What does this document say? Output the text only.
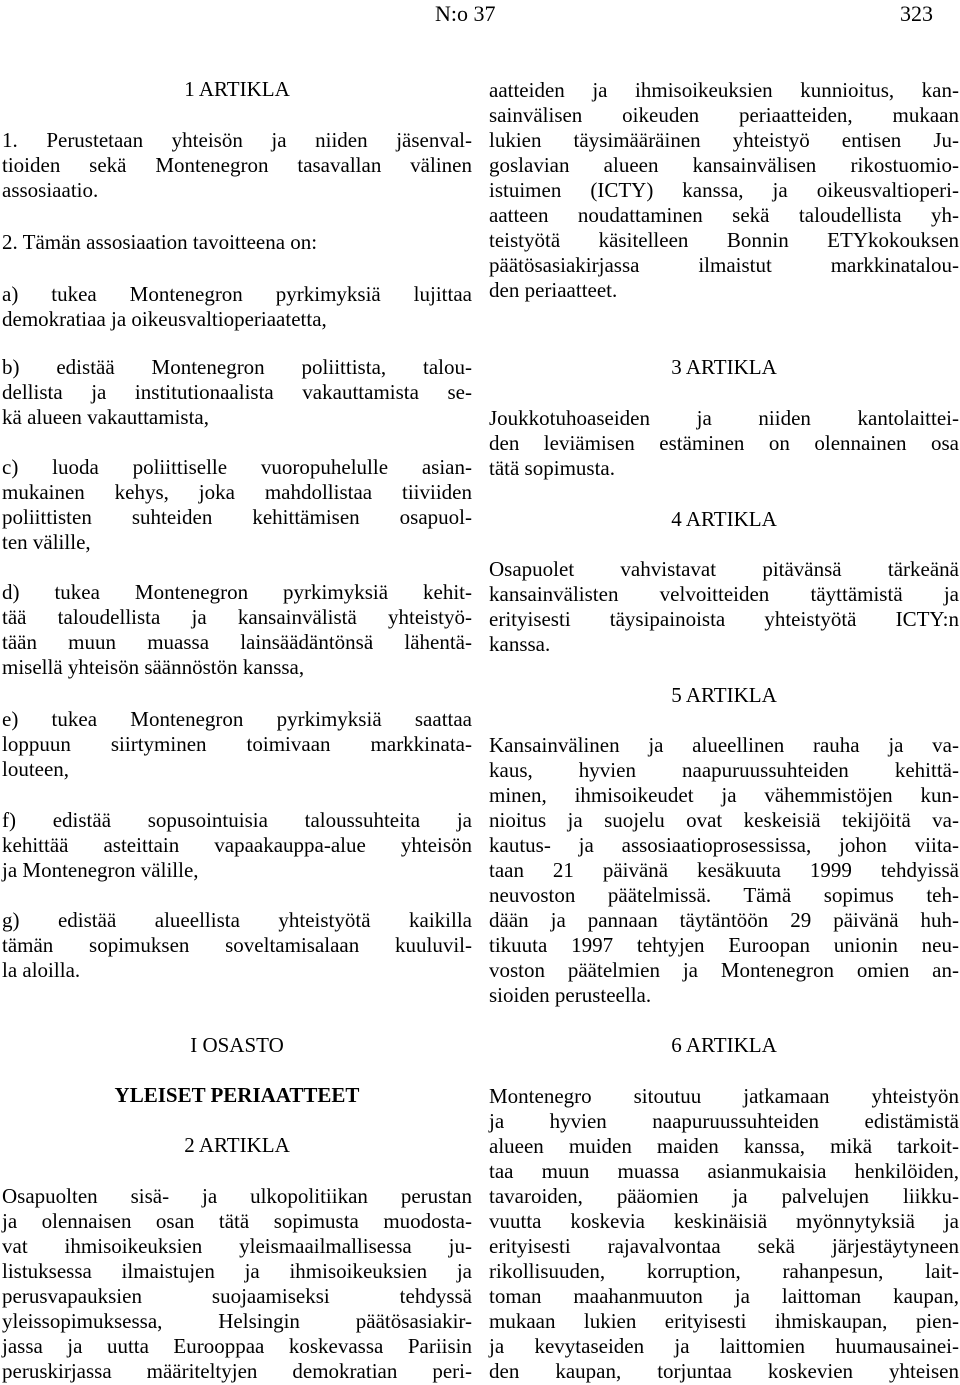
N:o 37	323
1 ARTIKLA

1. Perustetaan yhteisön ja niiden jäsenval-
tioiden sekä Montenegron tasavallan välinen
assosiaatio.

2. Tämän assosiaation tavoitteena on:

a) tukea Montenegron pyrkimyksiä lujittaa
demokratiaa ja oikeusvaltioperiaatetta,

b) edistää Montenegron poliittista, talou-
dellista ja institutionaalista vakauttamista se-
kä alueen vakauttamista,

c) luoda poliittiselle vuoropuhelulle asian-
mukainen kehys, joka mahdollistaa tiiviiden
poliittisten suhteiden kehittämisen osapuol-
ten välille,

d) tukea Montenegron pyrkimyksiä kehit-
tää taloudellista ja kansainvälistä yhteistyö-
tään muun muassa lainsäädäntönsä lähentä-
misellä yhteisön säännöstön kanssa,

e) tukea Montenegron pyrkimyksiä saattaa
loppuun siirtyminen toimivaan markkinata-
louteen,

f) edistää sopusointuisia taloussuhteita ja
kehittää asteittain vapaakauppa-alue yhteisön
ja Montenegron välille,

g) edistää alueellista yhteistyötä kaikilla
tämän sopimuksen soveltamisalaan kuuluvil-
la aloilla.

I OSASTO
YLEISET PERIAATTEET
2 ARTIKLA

Osapuolten sisä- ja ulkopolitiikan perustan
ja olennaisen osan tätä sopimusta muodosta-
vat ihmisoikeuksien yleismaailmallisessa ju-
listuksessa ilmaistujen ja ihmisoikeuksien ja
perusvapauksien suojaamiseksi tehdyssä
yleissopimuksessa, Helsingin päätösasiakir-
jassa ja uutta Eurooppaa koskevassa Pariisin
peruskirjassa määriteltyjen demokratian peri-

aatteiden ja ihmisoikeuksien kunnioitus, kan-
sainvälisen oikeuden periaatteiden, mukaan
lukien täysimääräinen yhteistyö entisen Ju-
goslavian alueen kansainvälisen rikostuomio-
istuimen (ICTY) kanssa, ja oikeusvaltioperi-
aatteen noudattaminen sekä taloudellista yh-
teistyötä käsitelleen Bonnin ETYkokouksen
päätösasiakirjassa ilmaistut markkinatalou-
den periaatteet.

3 ARTIKLA

Joukkotuhoaseiden ja niiden kantolaittei-
den leviämisen estäminen on olennainen osa
tätä sopimusta.

4 ARTIKLA

Osapuolet vahvistavat pitävänsä tärkeänä
kansainvälisten velvoitteiden täyttämistä ja
erityisesti täysipainoista yhteistyötä ICTY:n
kanssa.

5 ARTIKLA

Kansainvälinen ja alueellinen rauha ja va-
kaus, hyvien naapuruussuhteiden kehittä-
minen, ihmisoikeudet ja vähemmistöjen kun-
nioitus ja suojelu ovat keskeisiä tekijöitä va-
kautus- ja assosiaatioprosessissa, johon viita-
taan 21 päivänä kesäkuuta 1999 tehdyissä
neuvoston päätelmissä. Tämä sopimus teh-
dään ja pannaan täytäntöön 29 päivänä huh-
tikuuta 1997 tehtyjen Euroopan unionin neu-
voston päätelmien ja Montenegron omien an-
sioiden perusteella.

6 ARTIKLA

Montenegro sitoutuu jatkamaan yhteistyön
ja hyvien naapuruussuhteiden edistämistä
alueen muiden maiden kanssa, mikä tarkoit-
taa muun muassa asianmukaisia henkilöiden,
tavaroiden, pääomien ja palvelujen liikku-
vuutta koskevia keskinäisiä myönnytyksiä ja
erityisesti rajavalvontaa sekä järjestäytyneen
rikollisuuden, korruption, rahanpesun, lait-
toman maahanmuuton ja laittoman kaupan,
mukaan lukien erityisesti ihmiskaupan, pien-
ja kevytaseiden ja laittomien huumausainei-
den kaupan, torjuntaa koskevien yhteisen
